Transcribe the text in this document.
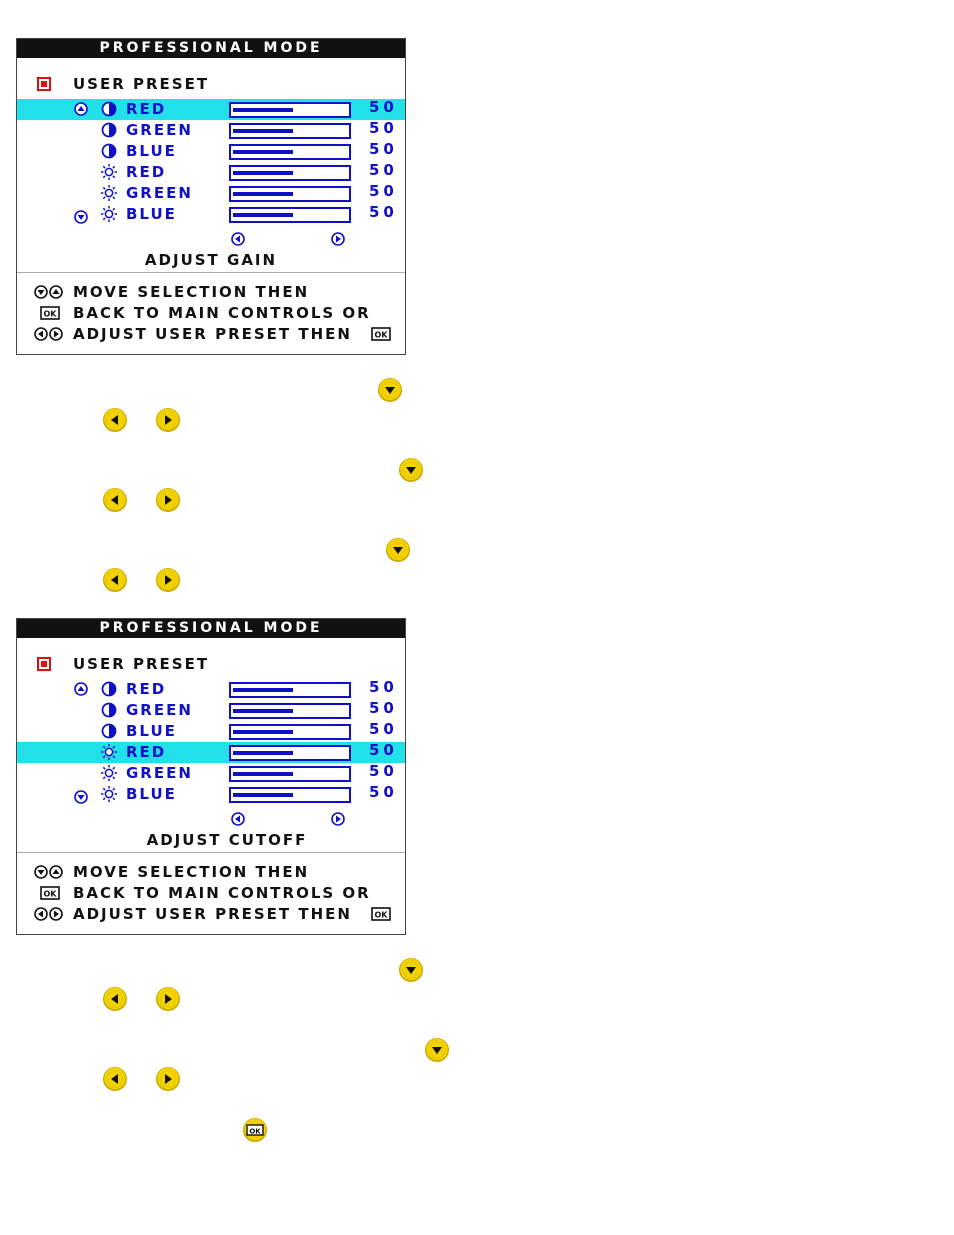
PROFESSIONAL MODE
USER PRESET
RED	50
GREEN	50
BLUE	50
RED	50
GREEN	50
BLUE	50
ADJUST GAIN
MOVE SELECTION THEN
OK BACK TO MAIN CONTROLS OR
ADJUST USER PRESET THEN	OK
PROFESSIONAL MODE
USER PRESET
RED	50
GREEN	50
BLUE	50
RED	50
GREEN	50
BLUE	50
ADJUST CUTOFF
MOVE SELECTION THEN
OK BACK TO MAIN CONTROLS OR
ADJUST USER PRESET THEN	OK
OK
